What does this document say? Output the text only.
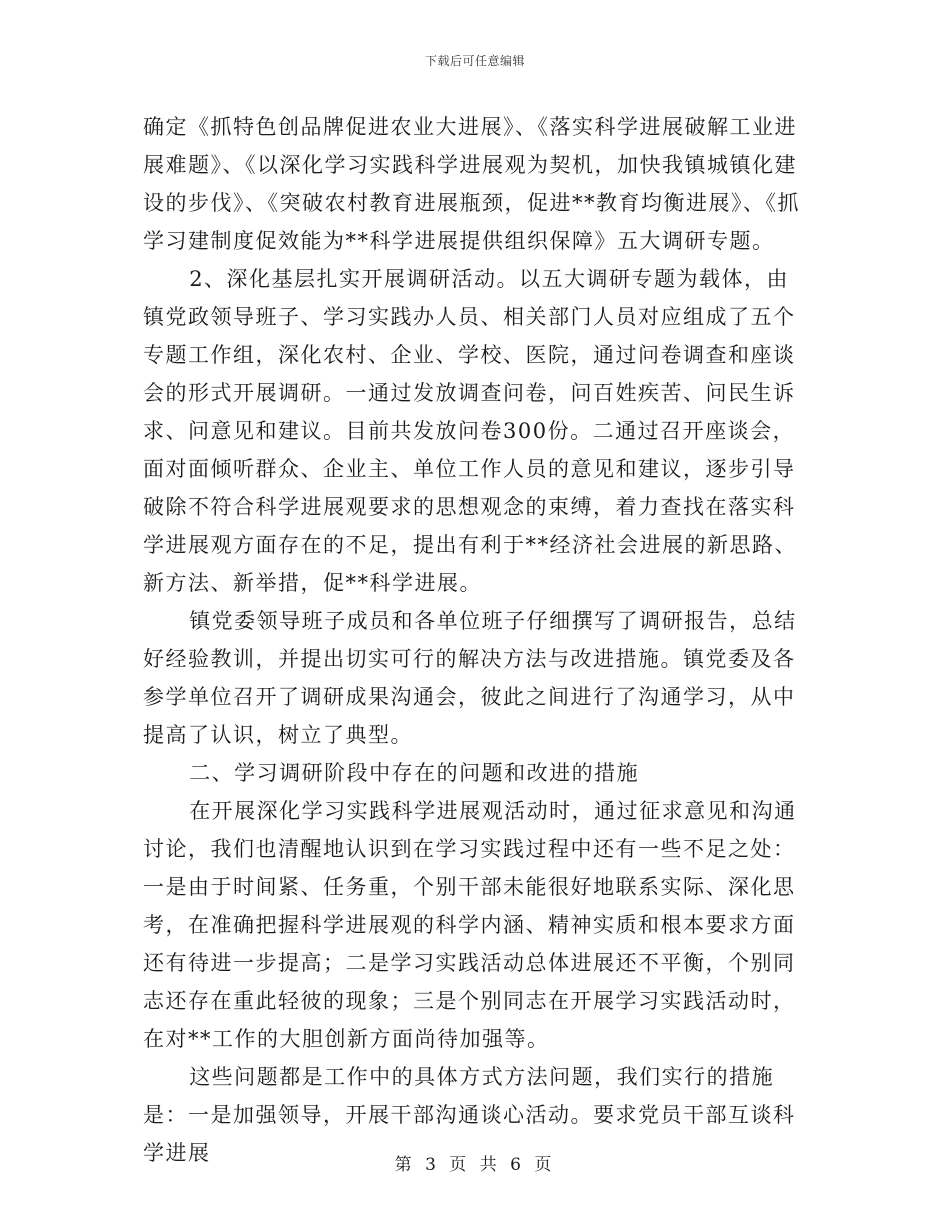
下载后可任意编辑

确定《抓特色创品牌促进农业大进展》、《落实科学进展破解工业进展难题》、《以深化学习实践科学进展观为契机，加快我镇城镇化建设的步伐》、《突破农村教育进展瓶颈，促进**教育均衡进展》、《抓学习建制度促效能为**科学进展提供组织保障》五大调研专题。

2、深化基层扎实开展调研活动。以五大调研专题为载体，由镇党政领导班子、学习实践办人员、相关部门人员对应组成了五个专题工作组，深化农村、企业、学校、医院，通过问卷调查和座谈会的形式开展调研。一通过发放调查问卷，问百姓疾苦、问民生诉求、问意见和建议。目前共发放问卷300份。二通过召开座谈会，面对面倾听群众、企业主、单位工作人员的意见和建议，逐步引导破除不符合科学进展观要求的思想观念的束缚，着力查找在落实科学进展观方面存在的不足，提出有利于**经济社会进展的新思路、新方法、新举措，促**科学进展。

镇党委领导班子成员和各单位班子仔细撰写了调研报告，总结好经验教训，并提出切实可行的解决方法与改进措施。镇党委及各参学单位召开了调研成果沟通会，彼此之间进行了沟通学习，从中提高了认识，树立了典型。

二、学习调研阶段中存在的问题和改进的措施

在开展深化学习实践科学进展观活动时，通过征求意见和沟通讨论，我们也清醒地认识到在学习实践过程中还有一些不足之处：一是由于时间紧、任务重，个别干部未能很好地联系实际、深化思考，在准确把握科学进展观的科学内涵、精神实质和根本要求方面还有待进一步提高；二是学习实践活动总体进展还不平衡，个别同志还存在重此轻彼的现象；三是个别同志在开展学习实践活动时，在对**工作的大胆创新方面尚待加强等。

这些问题都是工作中的具体方式方法问题，我们实行的措施是：一是加强领导，开展干部沟通谈心活动。要求党员干部互谈科学进展	第 3 页 共 6 页
